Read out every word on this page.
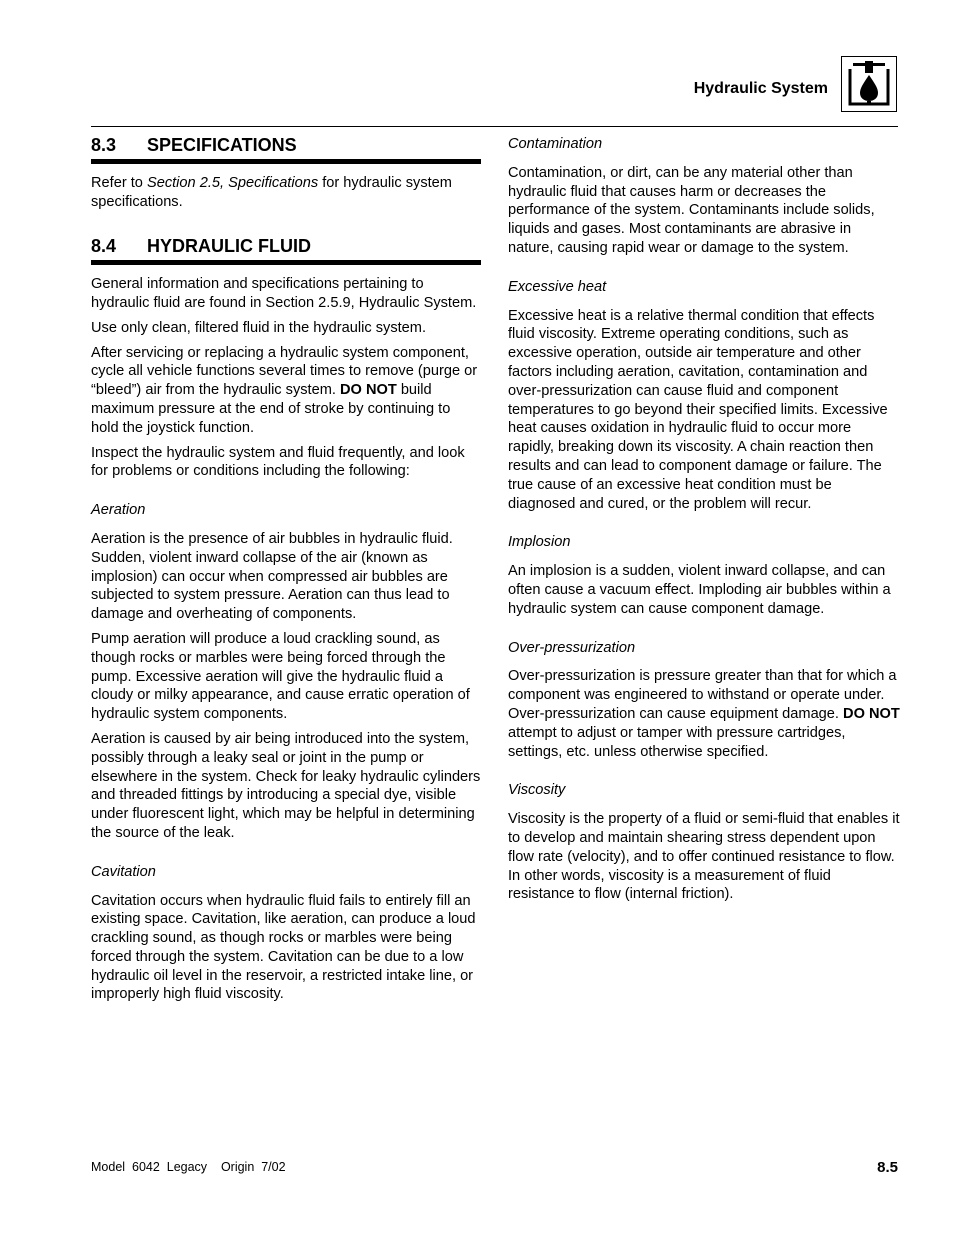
Hydraulic System
8.3	SPECIFICATIONS

Refer to Section 2.5, Specifications for hydraulic system specifications.

8.4	HYDRAULIC FLUID

General information and specifications pertaining to hydraulic fluid are found in Section 2.5.9, Hydraulic System.

Use only clean, filtered fluid in the hydraulic system.

After servicing or replacing a hydraulic system component, cycle all vehicle functions several times to remove (purge or “bleed”) air from the hydraulic system. DO NOT build maximum pressure at the end of stroke by continuing to hold the joystick function.

Inspect the hydraulic system and fluid frequently, and look for problems or conditions including the following:

Aeration

Aeration is the presence of air bubbles in hydraulic fluid. Sudden, violent inward collapse of the air (known as implosion) can occur when compressed air bubbles are subjected to system pressure. Aeration can thus lead to damage and overheating of components.

Pump aeration will produce a loud crackling sound, as though rocks or marbles were being forced through the pump. Excessive aeration will give the hydraulic fluid a cloudy or milky appearance, and cause erratic operation of hydraulic system components.

Aeration is caused by air being introduced into the system, possibly through a leaky seal or joint in the pump or elsewhere in the system. Check for leaky hydraulic cylinders and threaded fittings by introducing a special dye, visible under fluorescent light, which may be helpful in determining the source of the leak.

Cavitation

Cavitation occurs when hydraulic fluid fails to entirely fill an existing space. Cavitation, like aeration, can produce a loud crackling sound, as though rocks or marbles were being forced through the system. Cavitation can be due to a low hydraulic oil level in the reservoir, a restricted intake line, or improperly high fluid viscosity.

Contamination

Contamination, or dirt, can be any material other than hydraulic fluid that causes harm or decreases the performance of the system. Contaminants include solids, liquids and gases. Most contaminants are abrasive in nature, causing rapid wear or damage to the system.

Excessive heat

Excessive heat is a relative thermal condition that effects fluid viscosity. Extreme operating conditions, such as excessive operation, outside air temperature and other factors including aeration, cavitation, contamination and over-pressurization can cause fluid and component temperatures to go beyond their specified limits. Excessive heat causes oxidation in hydraulic fluid to occur more rapidly, breaking down its viscosity. A chain reaction then results and can lead to component damage or failure. The true cause of an excessive heat condition must be diagnosed and cured, or the problem will recur.

Implosion

An implosion is a sudden, violent inward collapse, and can often cause a vacuum effect. Imploding air bubbles within a hydraulic system can cause component damage.

Over-pressurization

Over-pressurization is pressure greater than that for which a component was engineered to withstand or operate under. Over-pressurization can cause equipment damage. DO NOT attempt to adjust or tamper with pressure cartridges, settings, etc. unless otherwise specified.

Viscosity

Viscosity is the property of a fluid or semi-fluid that enables it to develop and maintain shearing stress dependent upon flow rate (velocity), and to offer continued resistance to flow. In other words, viscosity is a measurement of fluid resistance to flow (internal friction).

Model  6042  Legacy    Origin  7/02	8.5
